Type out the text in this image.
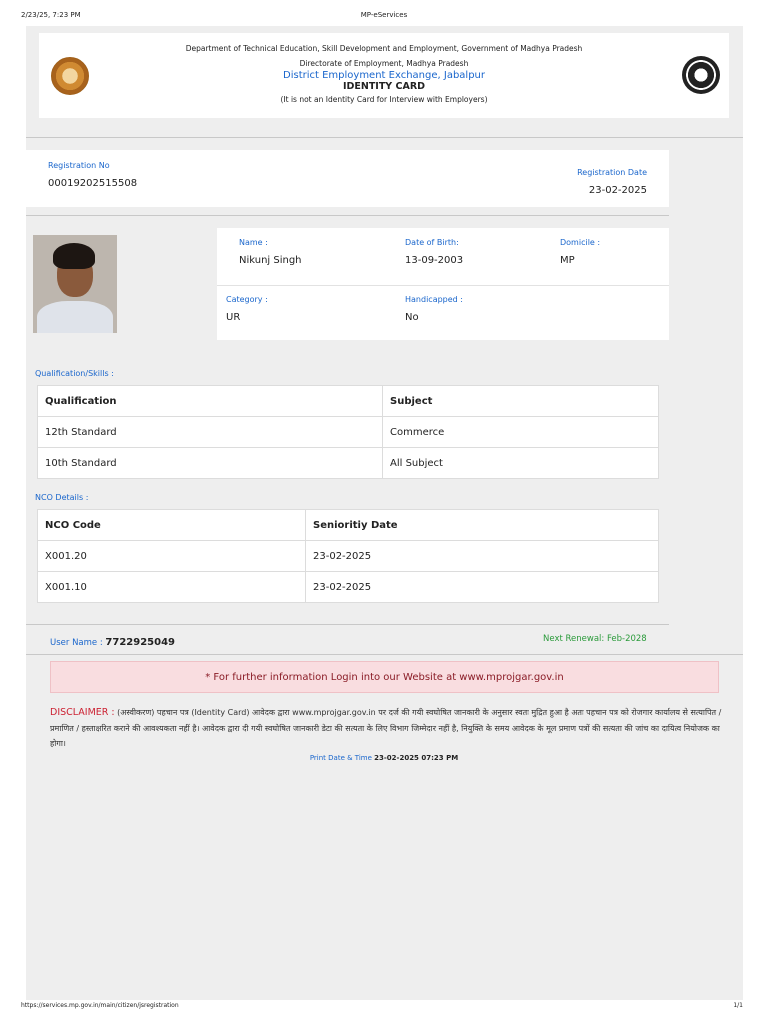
2/23/25, 7:23 PM	MP-eServices
Department of Technical Education, Skill Development and Employment, Government of Madhya Pradesh
Directorate of Employment, Madhya Pradesh
District Employment Exchange, Jabalpur
IDENTITY CARD
(It is not an Identity Card for Interview with Employers)
Registration No
00019202515508
Registration Date
23-02-2025
Name :
Nikunj Singh
Date of Birth:
13-09-2003
Domicile :
MP
Category :
UR
Handicapped :
No
Qualification/Skills :
Qualification	Subject
12th Standard	Commerce
10th Standard	All Subject
NCO Details :
NCO Code	Senioritiy Date
X001.20	23-02-2025
X001.10	23-02-2025
User Name : 7722925049	Next Renewal: Feb-2028
* For further information Login into our Website at www.mprojgar.gov.in
DISCLAIMER : (अस्वीकरण) पहचान पत्र (Identity Card) आवेदक द्वारा www.mprojgar.gov.in पर दर्ज की गयी स्वघोषित जानकारी के अनुसार स्वतः मुद्रित हुआ है अतः पहचान पत्र को रोजगार कार्यालय से सत्यापित / प्रमाणित / हस्ताक्षरित कराने की आवश्यकता नहीं है। आवेदक द्वारा दी गयी स्वघोषित जानकारी डेटा की सत्यता के लिए विभाग जिम्मेदार नहीं है, नियुक्ति के समय आवेदक के मूल प्रमाण पत्रों की सत्यता की जांच का दायित्व नियोजक का होगा।
Print Date & Time 23-02-2025 07:23 PM
https://services.mp.gov.in/main/citizen/jsregistration	1/1
